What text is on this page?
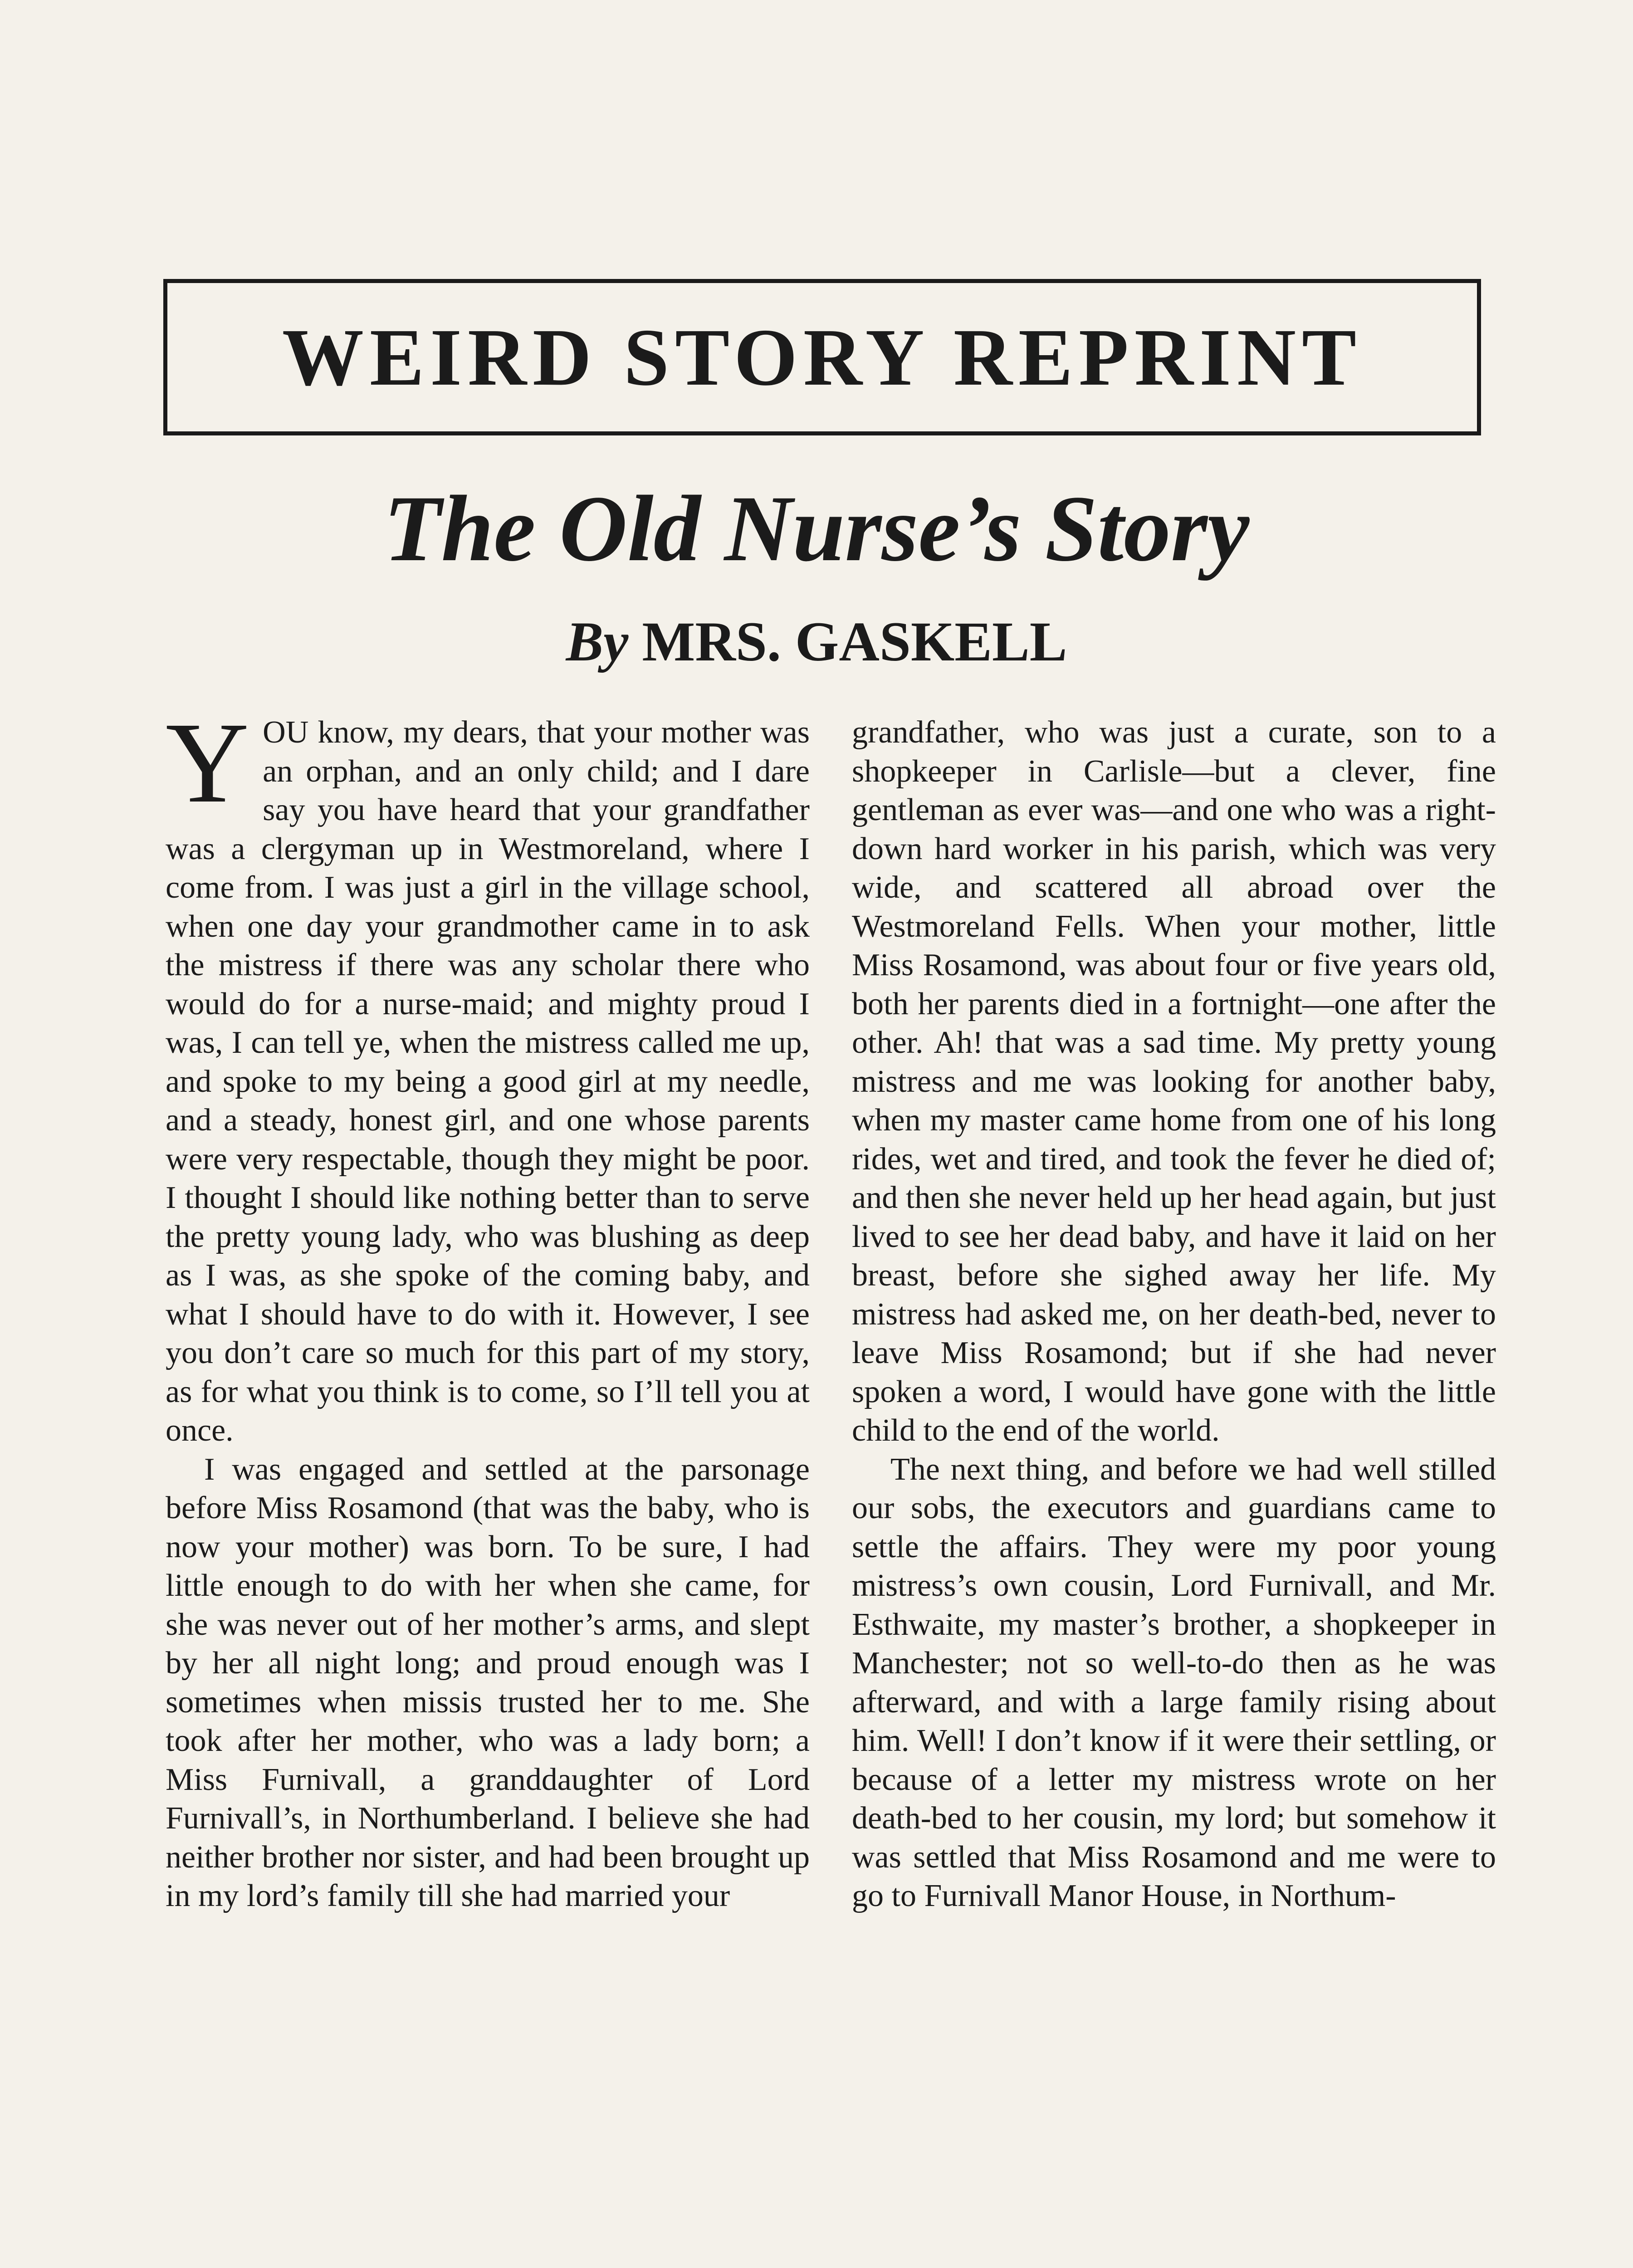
WEIRD STORY REPRINT
The Old Nurse’s Story
By MRS. GASKELL

YOU know, my dears, that your mother was an orphan, and an only child; and I dare say you have heard that your grandfather was a clergyman up in Westmoreland, where I come from. I was just a girl in the village school, when one day your grandmother came in to ask the mistress if there was any scholar there who would do for a nurse-maid; and mighty proud I was, I can tell ye, when the mistress called me up, and spoke to my being a good girl at my needle, and a steady, honest girl, and one whose parents were very respectable, though they might be poor. I thought I should like nothing better than to serve the pretty young lady, who was blushing as deep as I was, as she spoke of the coming baby, and what I should have to do with it. However, I see you don’t care so much for this part of my story, as for what you think is to come, so I’ll tell you at once.

I was engaged and settled at the parsonage before Miss Rosamond (that was the baby, who is now your mother) was born. To be sure, I had little enough to do with her when she came, for she was never out of her mother’s arms, and slept by her all night long; and proud enough was I sometimes when missis trusted her to me. She took after her mother, who was a lady born; a Miss Furnivall, a granddaughter of Lord Furnivall’s, in Northumberland. I believe she had neither brother nor sister, and had been brought up in my lord’s family till she had married your

grandfather, who was just a curate, son to a shopkeeper in Carlisle—but a clever, fine gentleman as ever was—and one who was a right-down hard worker in his parish, which was very wide, and scattered all abroad over the Westmoreland Fells. When your mother, little Miss Rosamond, was about four or five years old, both her parents died in a fortnight—one after the other. Ah! that was a sad time. My pretty young mistress and me was looking for another baby, when my master came home from one of his long rides, wet and tired, and took the fever he died of; and then she never held up her head again, but just lived to see her dead baby, and have it laid on her breast, before she sighed away her life. My mistress had asked me, on her death-bed, never to leave Miss Rosamond; but if she had never spoken a word, I would have gone with the little child to the end of the world.

The next thing, and before we had well stilled our sobs, the executors and guardians came to settle the affairs. They were my poor young mistress’s own cousin, Lord Furnivall, and Mr. Esthwaite, my master’s brother, a shopkeeper in Manchester; not so well-to-do then as he was afterward, and with a large family rising about him. Well! I don’t know if it were their settling, or because of a letter my mistress wrote on her death-bed to her cousin, my lord; but somehow it was settled that Miss Rosamond and me were to go to Furnivall Manor House, in Northum-
